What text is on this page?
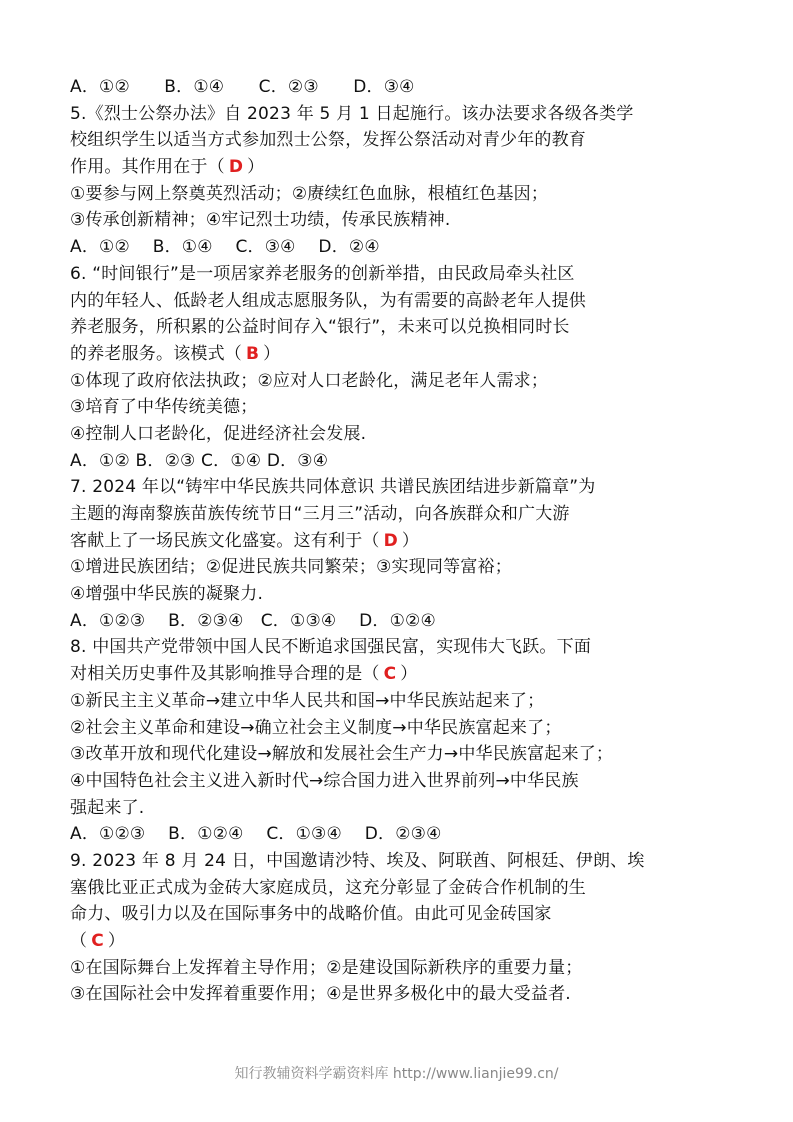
A．①②　　B．①④　　C．②③　　D．③④
5.《烈士公祭办法》自 2023 年 5 月 1 日起施行。该办法要求各级各类学
校组织学生以适当方式参加烈士公祭，发挥公祭活动对青少年的教育
作用。其作用在于（ D ）
①要参与网上祭奠英烈活动；②赓续红色血脉，根植红色基因；
③传承创新精神；④牢记烈士功绩，传承民族精神.
A．①②　 B．①④　 C．③④　 D．②④
6. “时间银行”是一项居家养老服务的创新举措，由民政局牵头社区
内的年轻人、低龄老人组成志愿服务队，为有需要的高龄老年人提供
养老服务，所积累的公益时间存入“银行”，未来可以兑换相同时长
的养老服务。该模式（ B ）
①体现了政府依法执政；②应对人口老龄化，满足老年人需求；
③培育了中华传统美德；
④控制人口老龄化，促进经济社会发展.
A．①② B．②③ C．①④ D．③④
7. 2024 年以“铸牢中华民族共同体意识 共谱民族团结进步新篇章”为
主题的海南黎族苗族传统节日“三月三”活动，向各族群众和广大游
客献上了一场民族文化盛宴。这有利于（ D ）
①增进民族团结；②促进民族共同繁荣；③实现同等富裕；
④增强中华民族的凝聚力.
A．①②③　 B．②③④　C．①③④　 D．①②④
8. 中国共产党带领中国人民不断追求国强民富，实现伟大飞跃。下面
对相关历史事件及其影响推导合理的是（ C ）
①新民主主义革命→建立中华人民共和国→中华民族站起来了；
②社会主义革命和建设→确立社会主义制度→中华民族富起来了；
③改革开放和现代化建设→解放和发展社会生产力→中华民族富起来了；
④中国特色社会主义进入新时代→综合国力进入世界前列→中华民族
强起来了.
A．①②③　 B．①②④　 C．①③④　 D．②③④
9. 2023 年 8 月 24 日，中国邀请沙特、埃及、阿联酋、阿根廷、伊朗、埃
塞俄比亚正式成为金砖大家庭成员，这充分彰显了金砖合作机制的生
命力、吸引力以及在国际事务中的战略价值。由此可见金砖国家
（ C ）
①在国际舞台上发挥着主导作用；②是建设国际新秩序的重要力量；
③在国际社会中发挥着重要作用；④是世界多极化中的最大受益者.
知行教辅资料学霸资料库 http://www.lianjie99.cn/
